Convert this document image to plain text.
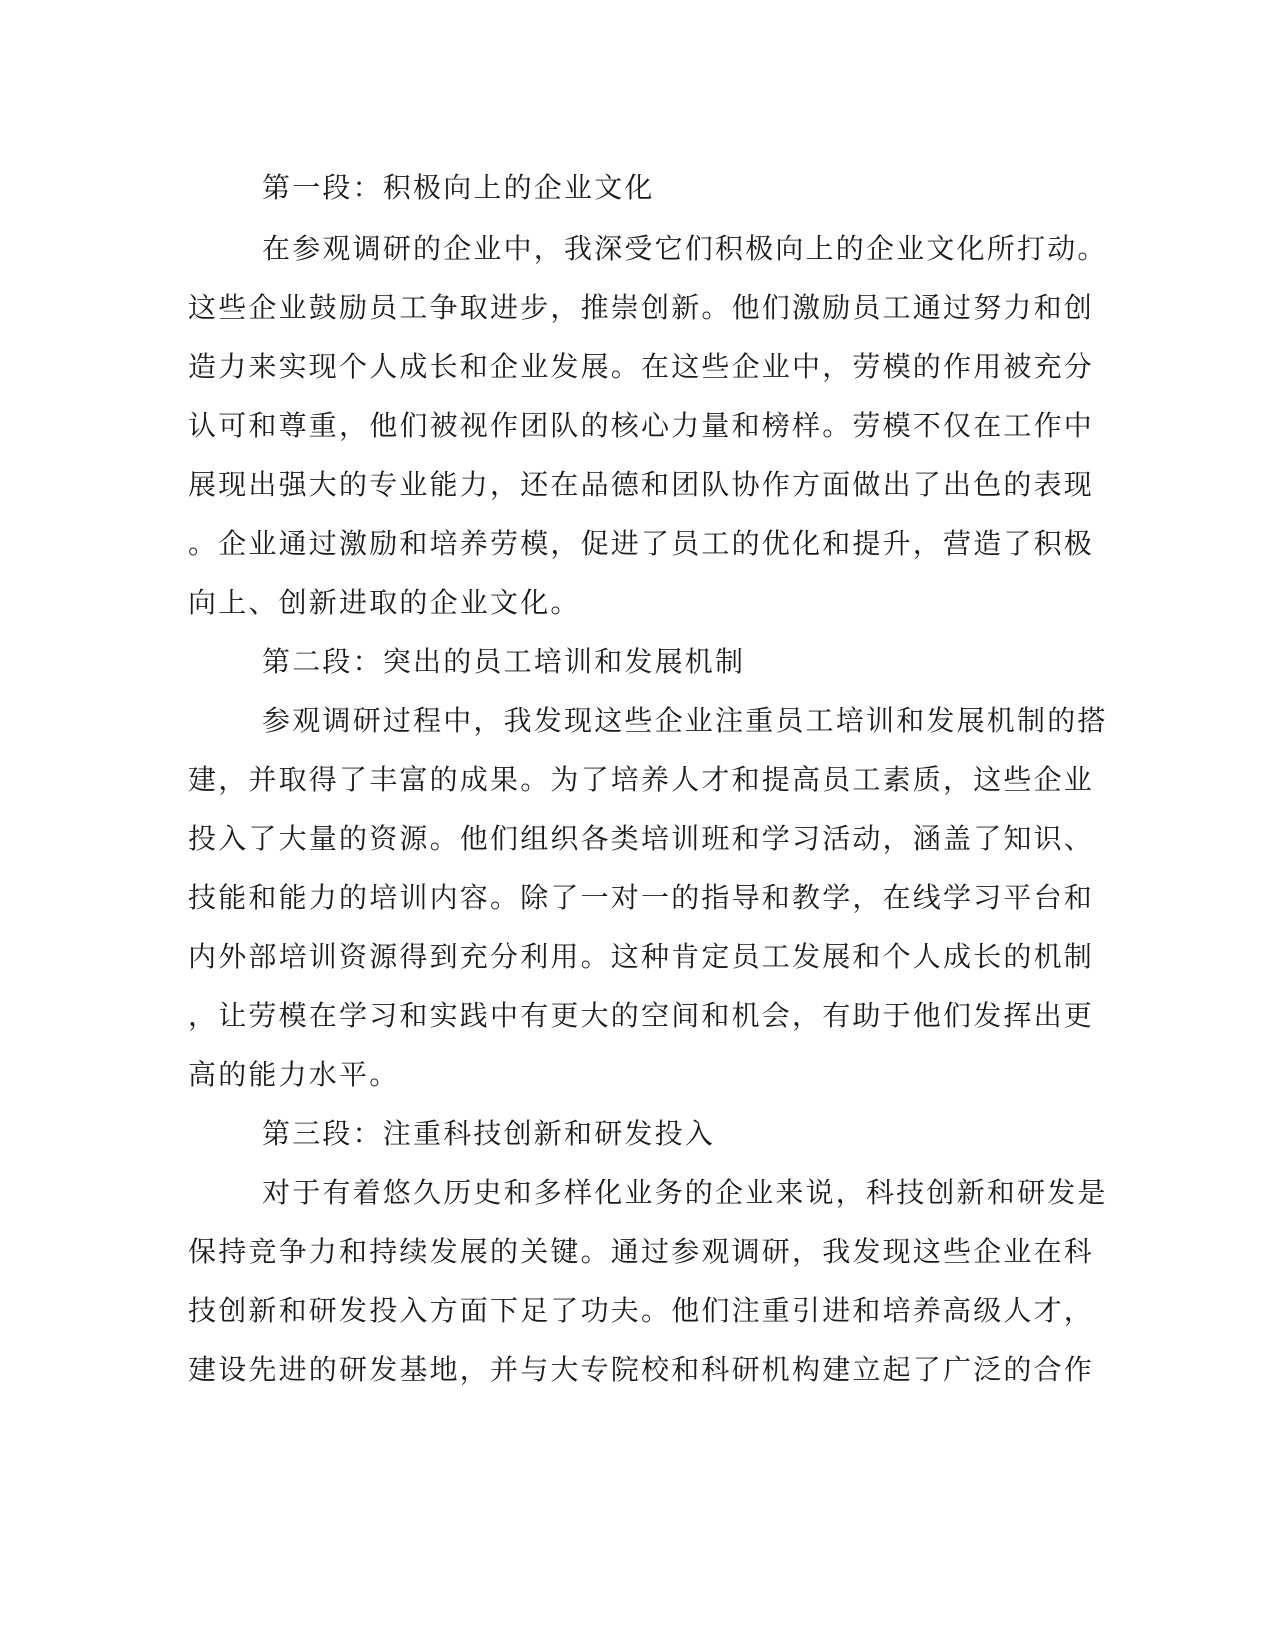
第一段：积极向上的企业文化
在参观调研的企业中，我深受它们积极向上的企业文化所打动。
这些企业鼓励员工争取进步，推崇创新。他们激励员工通过努力和创
造力来实现个人成长和企业发展。在这些企业中，劳模的作用被充分
认可和尊重，他们被视作团队的核心力量和榜样。劳模不仅在工作中
展现出强大的专业能力，还在品德和团队协作方面做出了出色的表现
。企业通过激励和培养劳模，促进了员工的优化和提升，营造了积极
向上、创新进取的企业文化。
第二段：突出的员工培训和发展机制
参观调研过程中，我发现这些企业注重员工培训和发展机制的搭
建，并取得了丰富的成果。为了培养人才和提高员工素质，这些企业
投入了大量的资源。他们组织各类培训班和学习活动，涵盖了知识、
技能和能力的培训内容。除了一对一的指导和教学，在线学习平台和
内外部培训资源得到充分利用。这种肯定员工发展和个人成长的机制
，让劳模在学习和实践中有更大的空间和机会，有助于他们发挥出更
高的能力水平。
第三段：注重科技创新和研发投入
对于有着悠久历史和多样化业务的企业来说，科技创新和研发是
保持竞争力和持续发展的关键。通过参观调研，我发现这些企业在科
技创新和研发投入方面下足了功夫。他们注重引进和培养高级人才，
建设先进的研发基地，并与大专院校和科研机构建立起了广泛的合作
